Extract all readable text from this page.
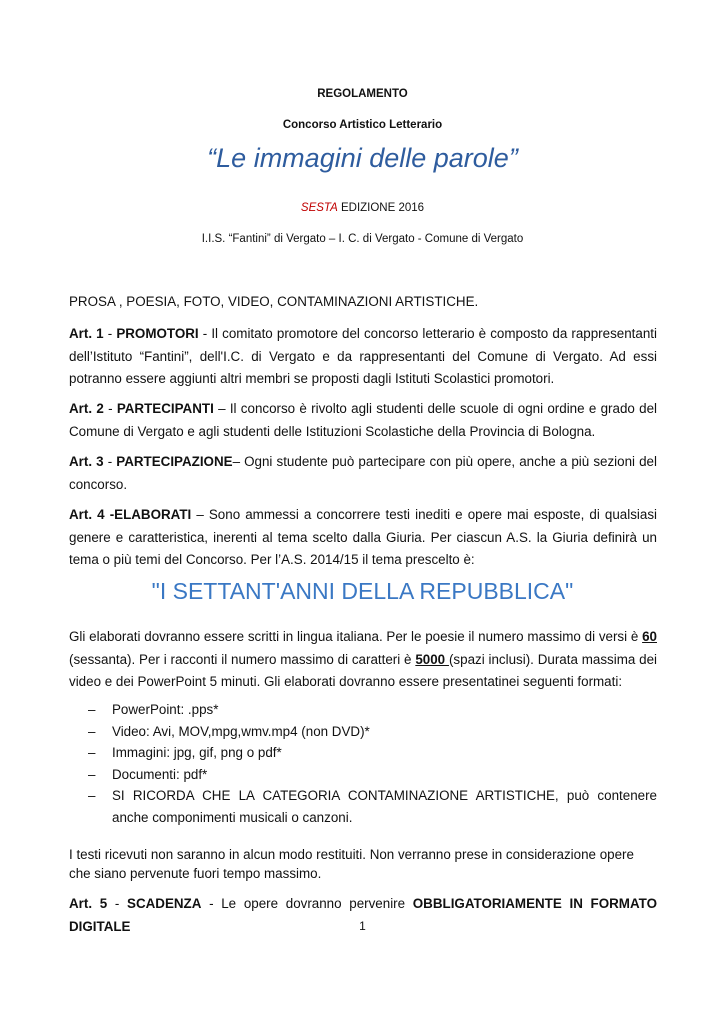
REGOLAMENTO
Concorso Artistico Letterario
“Le immagini delle parole”
SESTA EDIZIONE 2016
I.I.S. “Fantini” di Vergato – I. C. di Vergato - Comune di Vergato
PROSA , POESIA, FOTO, VIDEO, CONTAMINAZIONI ARTISTICHE.
Art. 1 - PROMOTORI - Il comitato promotore del concorso letterario è composto da rappresentanti dell’Istituto “Fantini”, dell'I.C. di Vergato e da rappresentanti del Comune di Vergato. Ad essi potranno essere aggiunti altri membri se proposti dagli Istituti Scolastici promotori.
Art. 2 - PARTECIPANTI – Il concorso è rivolto agli studenti delle scuole di ogni ordine e grado del Comune di Vergato e agli studenti delle Istituzioni Scolastiche della Provincia di Bologna.
Art. 3 - PARTECIPAZIONE– Ogni studente può partecipare con più opere, anche a più sezioni del concorso.
Art. 4 -ELABORATI – Sono ammessi a concorrere testi inediti e opere mai esposte, di qualsiasi genere e caratteristica, inerenti al tema scelto dalla Giuria. Per ciascun A.S. la Giuria definirà un tema o più temi del Concorso. Per l’A.S. 2014/15 il tema prescelto è:
"I SETTANT'ANNI DELLA REPUBBLICA"
Gli elaborati dovranno essere scritti in lingua italiana. Per le poesie il numero massimo di versi è 60 (sessanta). Per i racconti il numero massimo di caratteri è 5000 (spazi inclusi). Durata massima dei video e dei PowerPoint 5 minuti. Gli elaborati dovranno essere presentatinei seguenti formati:
– PowerPoint: .pps*
– Video: Avi, MOV,mpg,wmv.mp4 (non DVD)*
– Immagini: jpg, gif, png o pdf*
– Documenti: pdf*
– SI RICORDA CHE LA CATEGORIA CONTAMINAZIONE ARTISTICHE, può contenere anche componimenti musicali o canzoni.
I testi ricevuti non saranno in alcun modo restituiti. Non verranno prese in considerazione opere che siano pervenute fuori tempo massimo.
Art. 5 - SCADENZA - Le opere dovranno pervenire OBBLIGATORIAMENTE IN FORMATO DIGITALE	1
